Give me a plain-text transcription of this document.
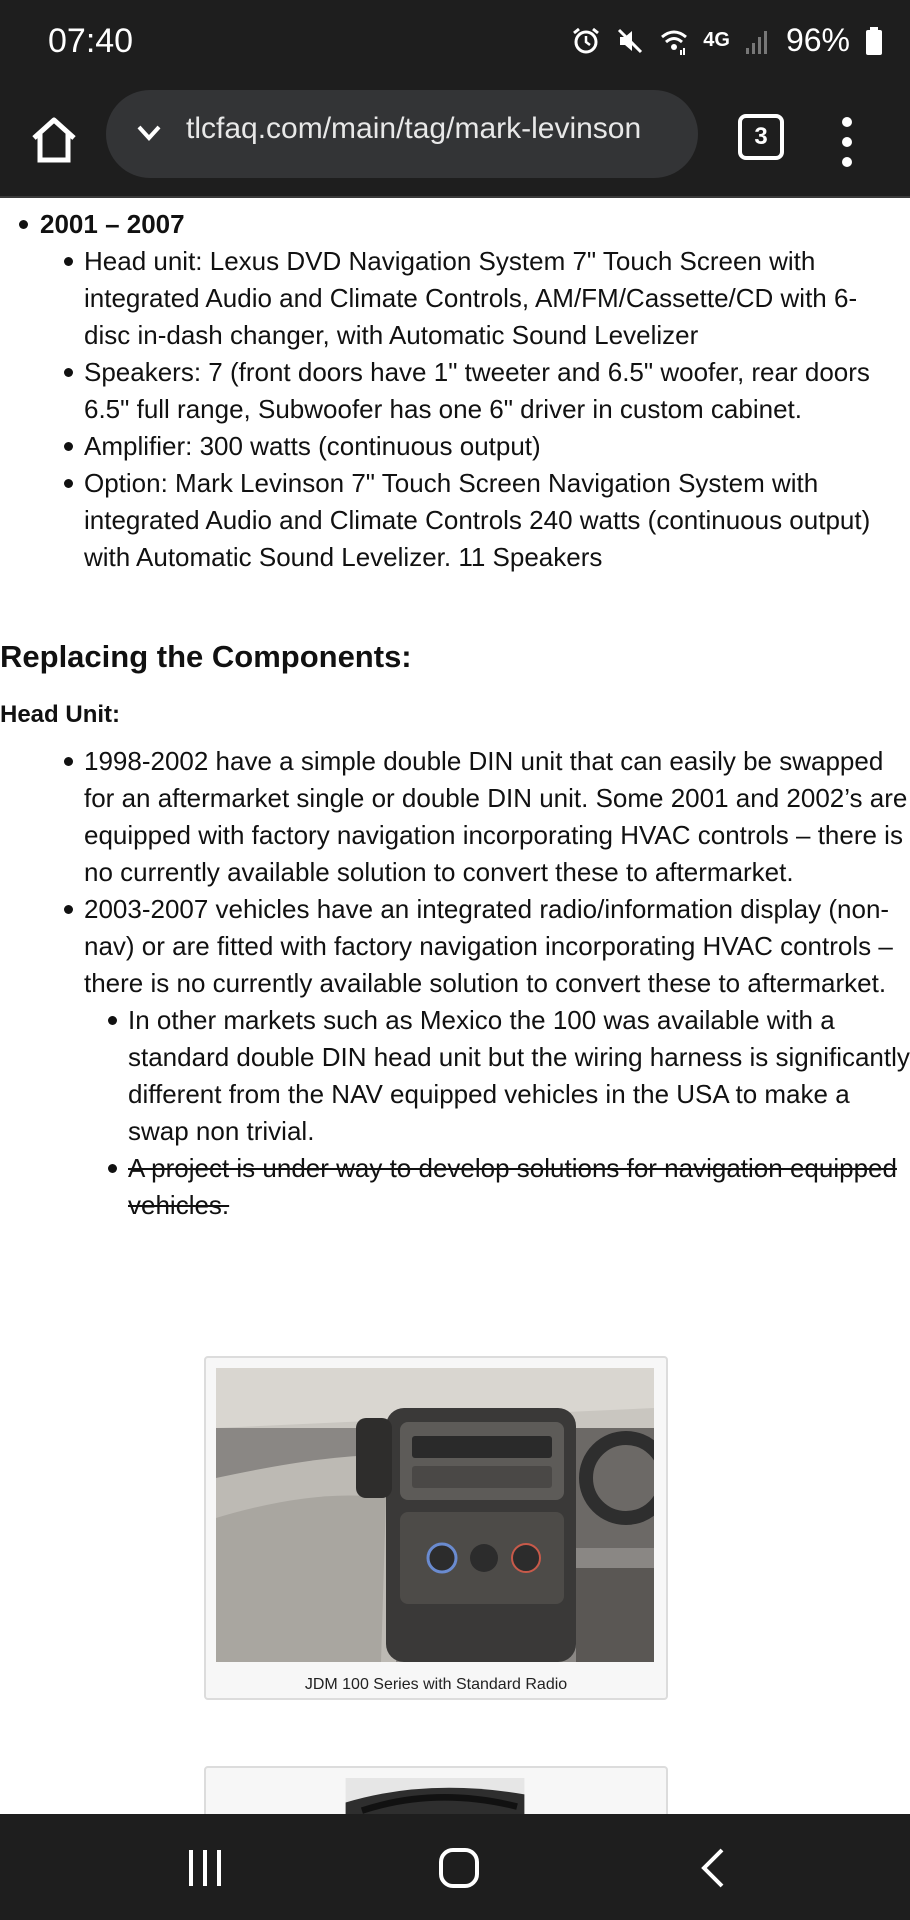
07:40	4G 96%
tlcfaq.com/main/tag/mark-levinson	3
2001 – 2007
Head unit: Lexus DVD Navigation System 7" Touch Screen with integrated Audio and Climate Controls, AM/FM/Cassette/CD with 6-disc in-dash changer, with Automatic Sound Levelizer
Speakers: 7 (front doors have 1" tweeter and 6.5" woofer, rear doors 6.5" full range, Subwoofer has one 6" driver in custom cabinet.
Amplifier: 300 watts (continuous output)
Option: Mark Levinson 7" Touch Screen Navigation System with integrated Audio and Climate Controls 240 watts (continuous output) with Automatic Sound Levelizer. 11 Speakers
Replacing the Components:
Head Unit:
1998-2002 have a simple double DIN unit that can easily be swapped for an aftermarket single or double DIN unit. Some 2001 and 2002’s are equipped with factory navigation incorporating HVAC controls – there is no currently available solution to convert these to aftermarket.
2003-2007 vehicles have an integrated radio/information display (non-nav) or are fitted with factory navigation incorporating HVAC controls – there is no currently available solution to convert these to aftermarket.
In other markets such as Mexico the 100 was available with a standard double DIN head unit but the wiring harness is significantly different from the NAV equipped vehicles in the USA to make a swap non trivial.
A project is under way to develop solutions for navigation equipped vehicles.
JDM 100 Series with Standard Radio
